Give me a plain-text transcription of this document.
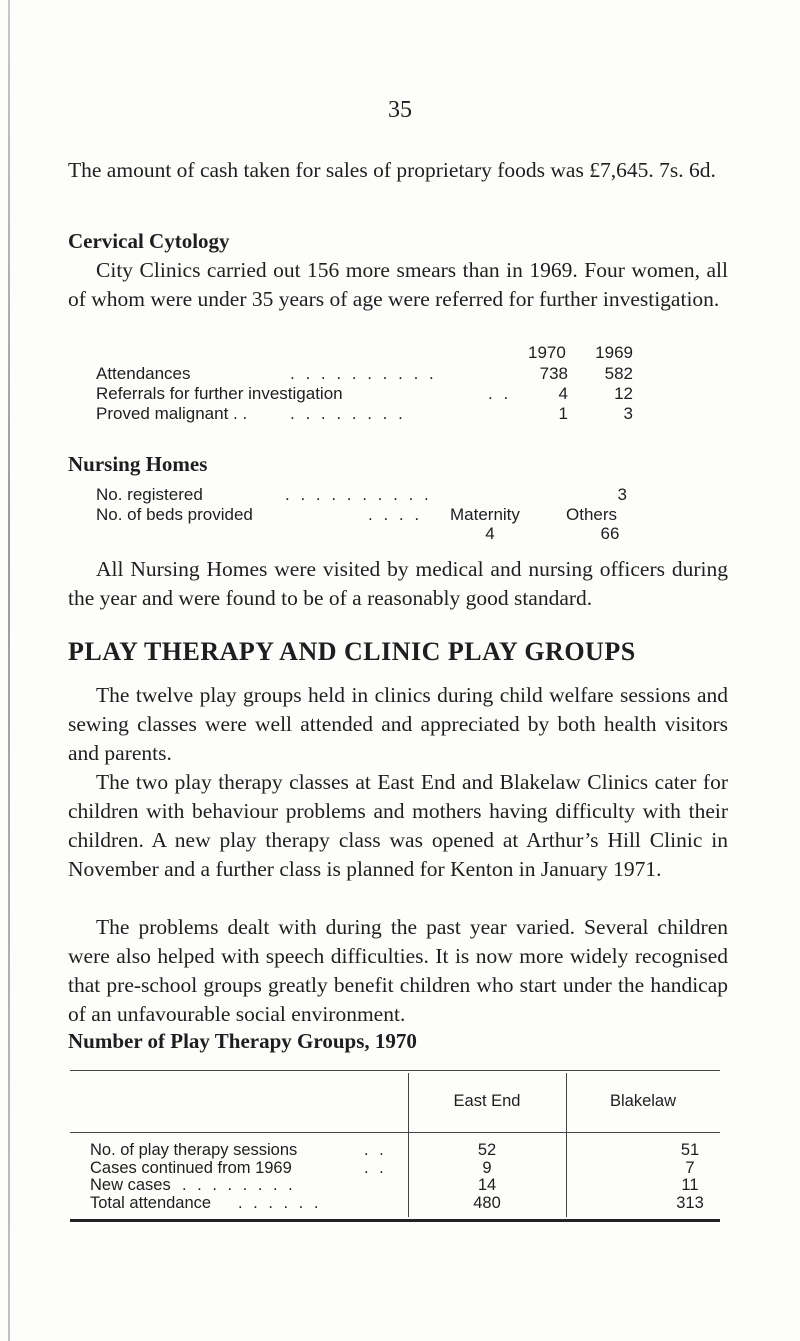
35
The amount of cash taken for sales of proprietary foods was £7,645. 7s. 6d.
Cervical Cytology
City Clinics carried out 156 more smears than in 1969. Four women, all of whom were under 35 years of age were referred for further investigation.
1970	1969
Attendances	. . . . . . . . . .	738	582
Referrals for further investigation	. .	4	12
Proved malignant . .	. . . . . . . .	1	3
Nursing Homes
No. registered	. . . . . . . . . .	3
No. of beds provided	. . . . Maternity	Others
4	66
All Nursing Homes were visited by medical and nursing officers during the year and were found to be of a reasonably good standard.
PLAY THERAPY AND CLINIC PLAY GROUPS
The twelve play groups held in clinics during child welfare sessions and sewing classes were well attended and appreciated by both health visitors and parents.
The two play therapy classes at East End and Blakelaw Clinics cater for children with behaviour problems and mothers having difficulty with their children. A new play therapy class was opened at Arthur’s Hill Clinic in November and a further class is planned for Kenton in January 1971.
The problems dealt with during the past year varied. Several children were also helped with speech difficulties. It is now more widely recognised that pre-school groups greatly benefit children who start under the handicap of an unfavourable social environment.
Number of Play Therapy Groups, 1970
East End	Blakelaw
No. of play therapy sessions	. .	52	51
Cases continued from 1969	. .	9	7
New cases . . . . . . . .	14	11
Total attendance . . . . . .	480	313
